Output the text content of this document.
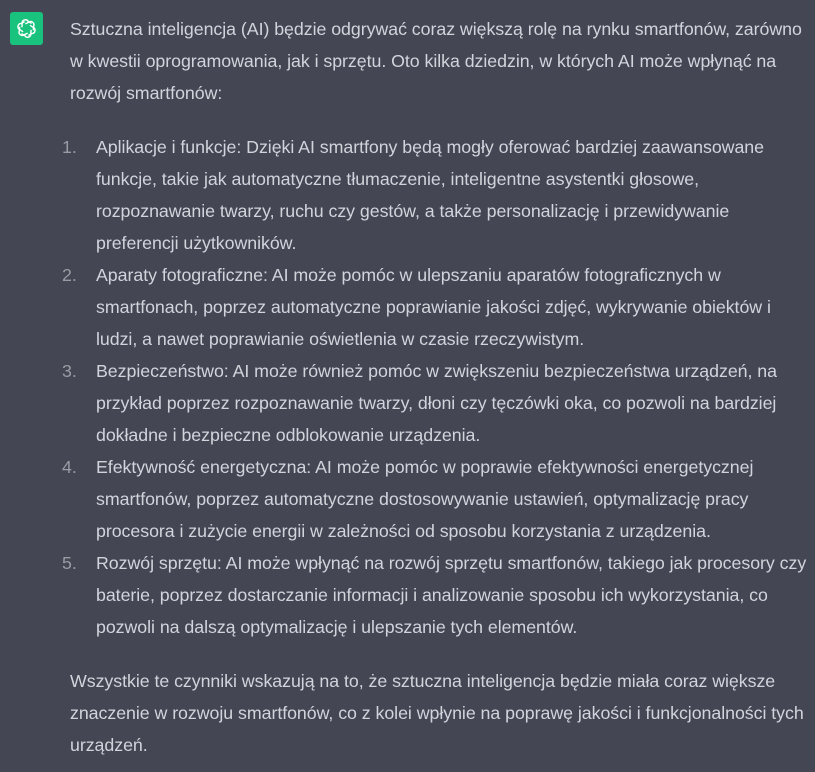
Sztuczna inteligencja (AI) będzie odgrywać coraz większą rolę na rynku smartfonów, zarówno w kwestii oprogramowania, jak i sprzętu. Oto kilka dziedzin, w których AI może wpłynąć na rozwój smartfonów:

1. Aplikacje i funkcje: Dzięki AI smartfony będą mogły oferować bardziej zaawansowane funkcje, takie jak automatyczne tłumaczenie, inteligentne asystentki głosowe, rozpoznawanie twarzy, ruchu czy gestów, a także personalizację i przewidywanie preferencji użytkowników.
2. Aparaty fotograficzne: AI może pomóc w ulepszaniu aparatów fotograficznych w smartfonach, poprzez automatyczne poprawianie jakości zdjęć, wykrywanie obiektów i ludzi, a nawet poprawianie oświetlenia w czasie rzeczywistym.
3. Bezpieczeństwo: AI może również pomóc w zwiększeniu bezpieczeństwa urządzeń, na przykład poprzez rozpoznawanie twarzy, dłoni czy tęczówki oka, co pozwoli na bardziej dokładne i bezpieczne odblokowanie urządzenia.
4. Efektywność energetyczna: AI może pomóc w poprawie efektywności energetycznej smartfonów, poprzez automatyczne dostosowywanie ustawień, optymalizację pracy procesora i zużycie energii w zależności od sposobu korzystania z urządzenia.
5. Rozwój sprzętu: AI może wpłynąć na rozwój sprzętu smartfonów, takiego jak procesory czy baterie, poprzez dostarczanie informacji i analizowanie sposobu ich wykorzystania, co pozwoli na dalszą optymalizację i ulepszanie tych elementów.

Wszystkie te czynniki wskazują na to, że sztuczna inteligencja będzie miała coraz większe znaczenie w rozwoju smartfonów, co z kolei wpłynie na poprawę jakości i funkcjonalności tych urządzeń.
